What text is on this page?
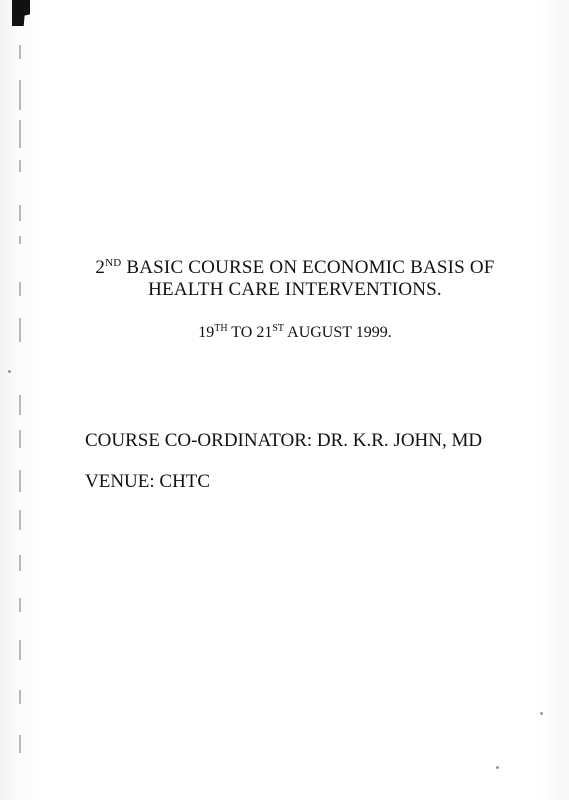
2ND BASIC COURSE ON ECONOMIC BASIS OF
HEALTH CARE INTERVENTIONS.
19TH TO 21ST AUGUST 1999.
COURSE CO-ORDINATOR: DR. K.R. JOHN, MD
VENUE: CHTC
